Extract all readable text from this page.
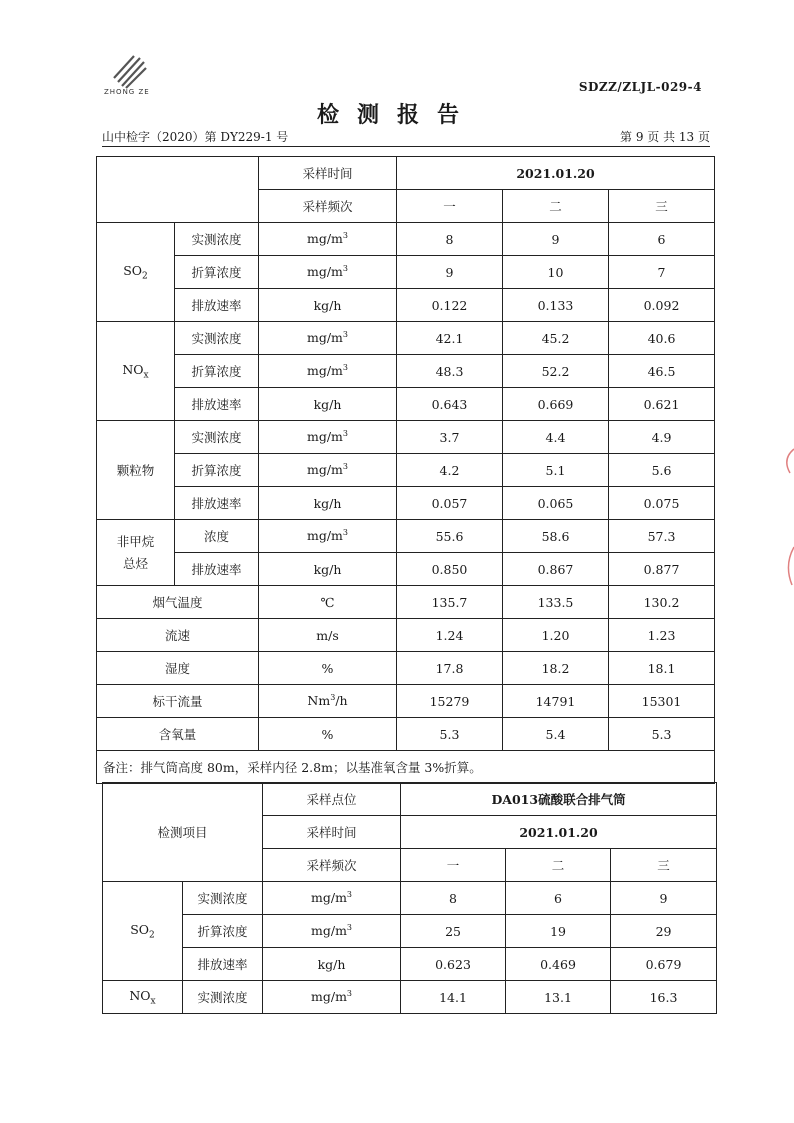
ZHONG ZE	SDZZ/ZLJL-029-4
检测报告
山中检字（2020）第 DY229-1 号	第 9 页 共 13 页
		采样时间	2021.01.20		
		采样频次	一	二	三
$SO_2$	实测浓度	$mg/m^3$	8	9	6
	折算浓度	$mg/m^3$	9	10	7
	排放速率	kg/h	0.122	0.133	0.092
$NO_x$	实测浓度	$mg/m^3$	42.1	45.2	40.6
	折算浓度	$mg/m^3$	48.3	52.2	46.5
	排放速率	kg/h	0.643	0.669	0.621
颗粒物	实测浓度	$mg/m^3$	3.7	4.4	4.9
	折算浓度	$mg/m^3$	4.2	5.1	5.6
	排放速率	kg/h	0.057	0.065	0.075
非甲烷
总烃	浓度	$mg/m^3$	55.6	58.6	57.3
	排放速率	kg/h	0.850	0.867	0.877
烟气温度		℃	135.7	133.5	130.2
流速		m/s	1.24	1.20	1.23
湿度		%	17.8	18.2	18.1
标干流量		Nm$^3$/h	15279	14791	15301
含氧量		%	5.3	5.4	5.3
备注：排气筒高度 80m，采样内径 2.8m；以基准氧含量 3%折算。					
检测项目		采样点位	DA013硫酸联合排气筒		
		采样时间	2021.01.20		
		采样频次	一	二	三
$SO_2$	实测浓度	$mg/m^3$	8	6	9
	折算浓度	$mg/m^3$	25	19	29
	排放速率	kg/h	0.623	0.469	0.679
$NO_x$	实测浓度	$mg/m^3$	14.1	13.1	16.3
